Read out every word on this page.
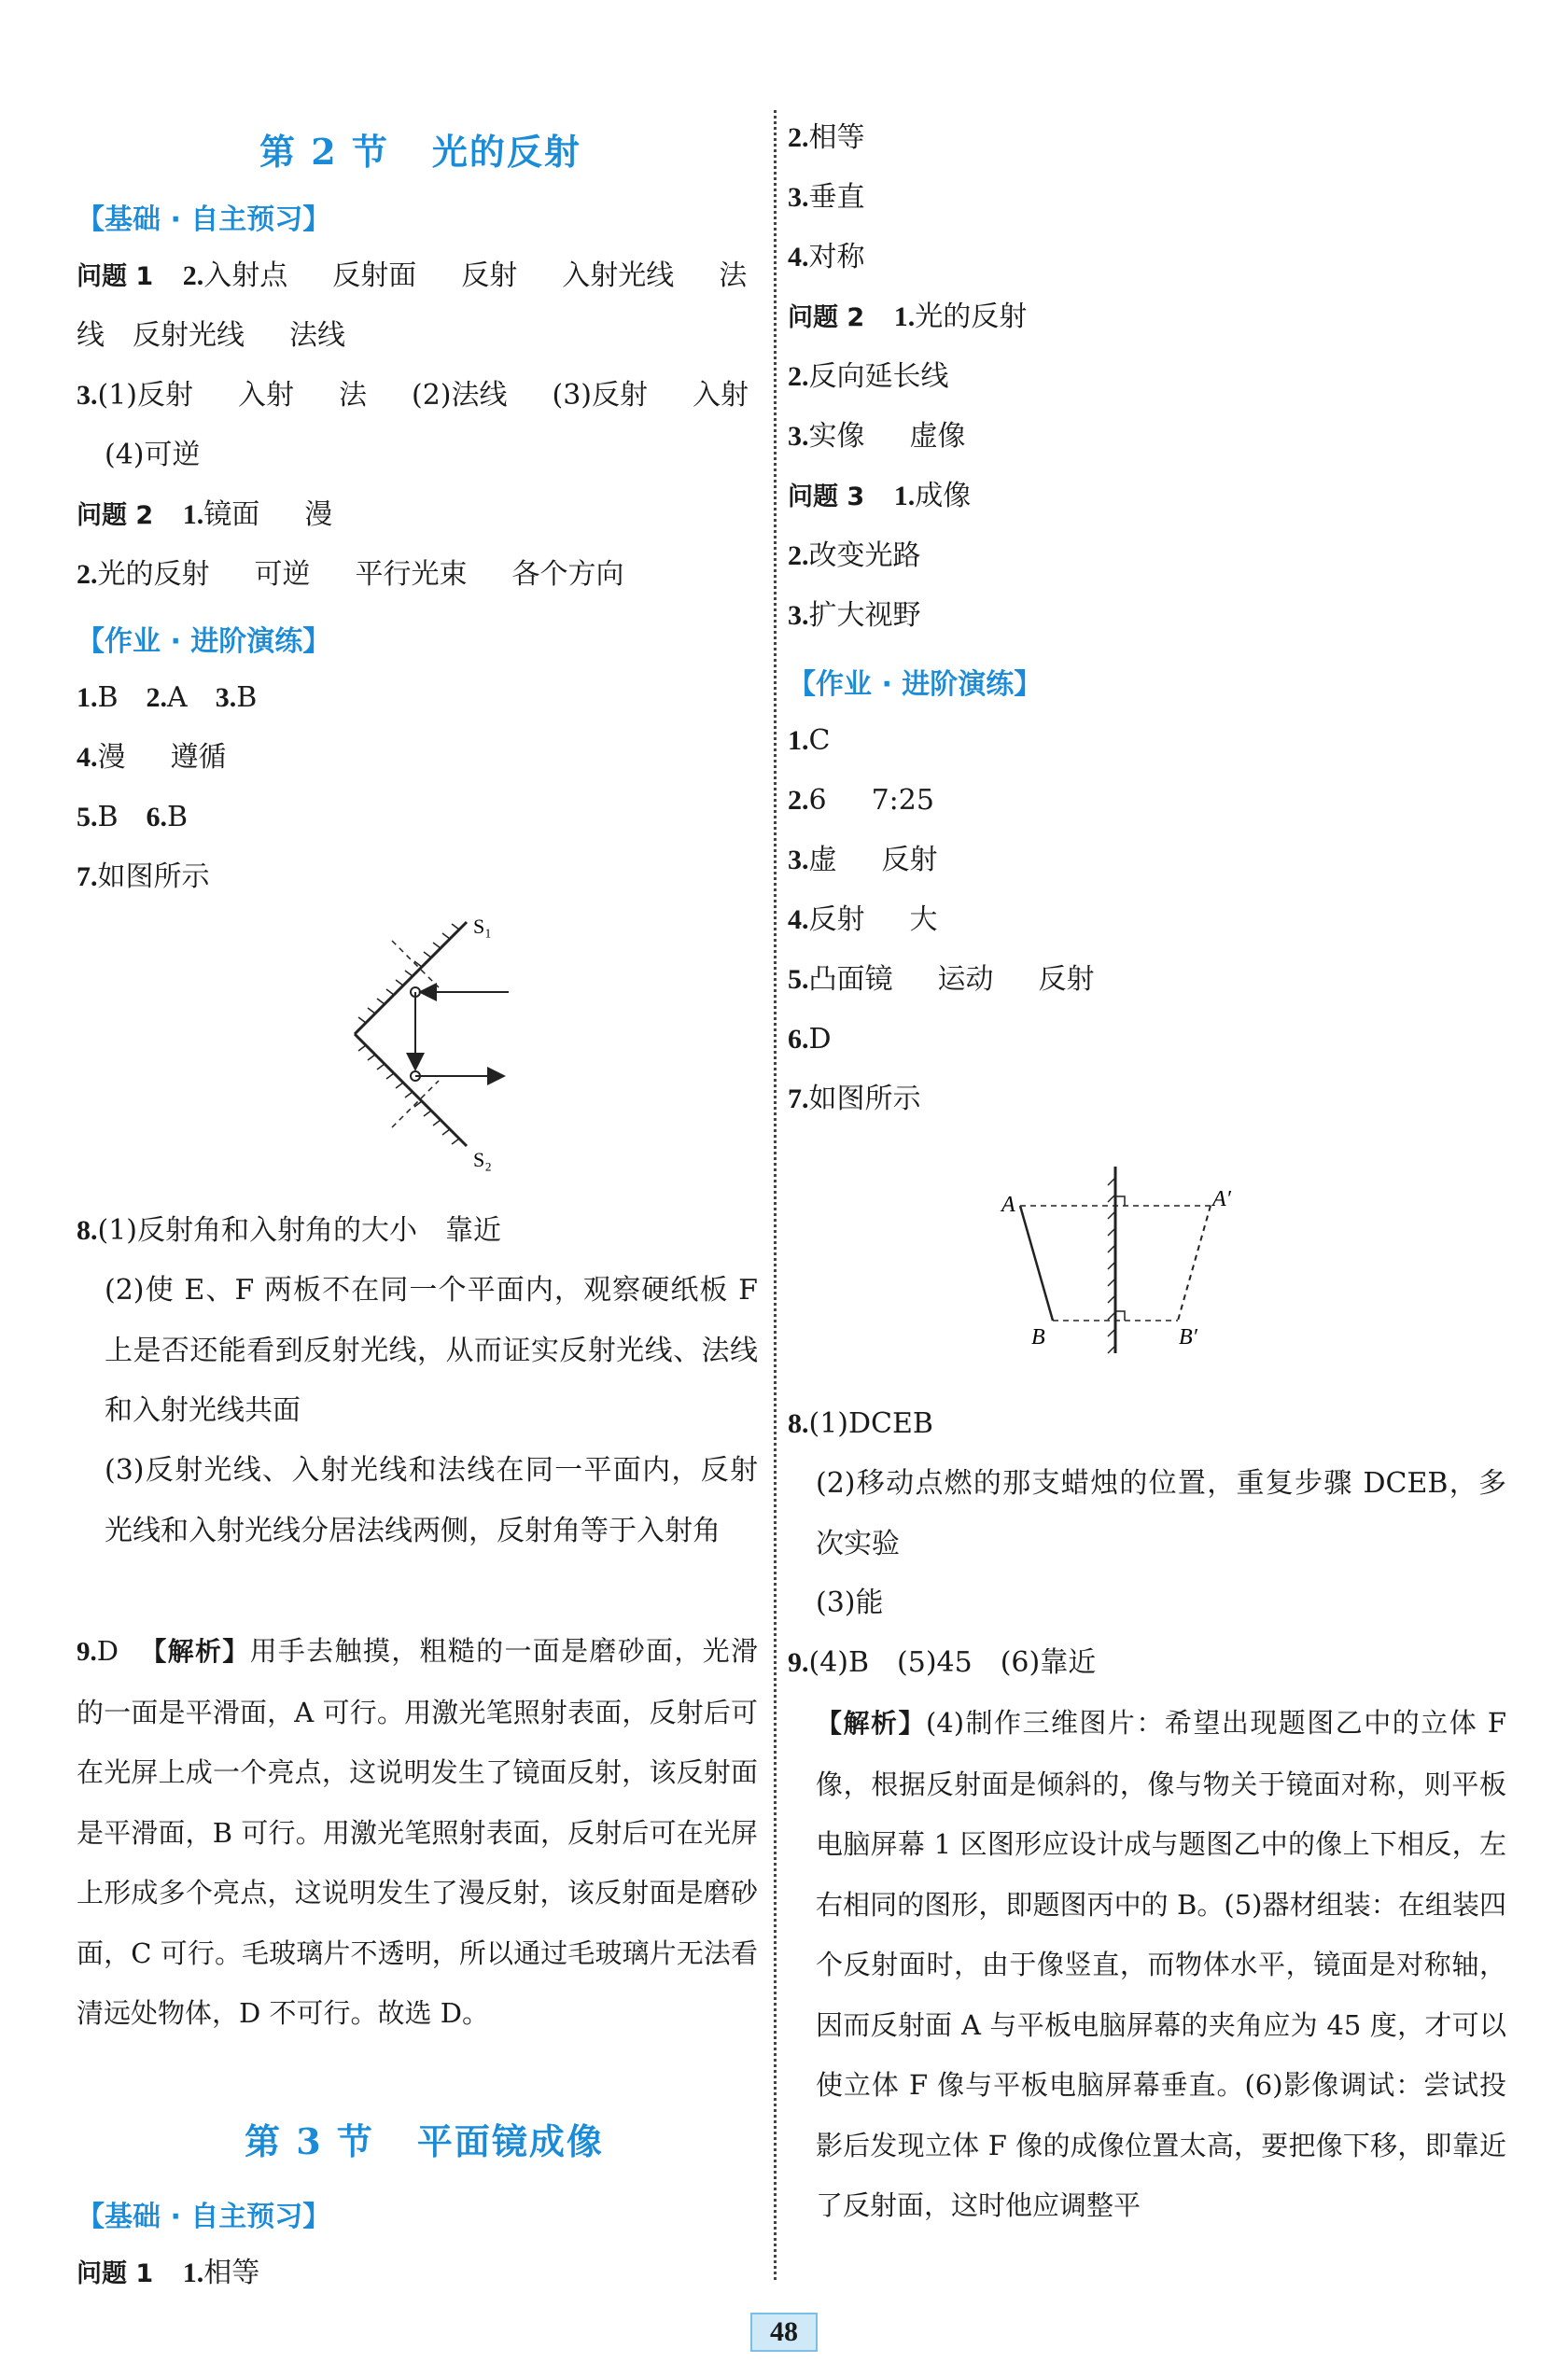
第 2 节 光的反射
【基础 · 自主预习】
问题 1 2.入射点 反射面 反射 入射光线 法
线 反射光线 法线
3.(1)反射 入射 法 (2)法线 (3)反射 入射
(4)可逆
问题 2 1.镜面 漫
2.光的反射 可逆 平行光束 各个方向
【作业 · 进阶演练】
1.B 2.A 3.B
4.漫 遵循
5.B 6.B
7.如图所示
S₁
S₂
8.(1)反射角和入射角的大小　靠近
(2)使 E、F 两板不在同一个平面内，观察硬纸板 F 上是否还能看到反射光线，从而证实反射光线、法线和入射光线共面
(3)反射光线、入射光线和法线在同一平面内，反射光线和入射光线分居法线两侧，反射角等于入射角
9.D 【解析】用手去触摸，粗糙的一面是磨砂面，光滑的一面是平滑面，A 可行。用激光笔照射表面，反射后可在光屏上成一个亮点，这说明发生了镜面反射，该反射面是平滑面，B 可行。用激光笔照射表面，反射后可在光屏上形成多个亮点，这说明发生了漫反射，该反射面是磨砂面，C 可行。毛玻璃片不透明，所以通过毛玻璃片无法看清远处物体，D 不可行。故选 D。
第 3 节 平面镜成像
【基础 · 自主预习】
问题 1 1.相等
2.相等
3.垂直
4.对称
问题 2 1.光的反射
2.反向延长线
3.实像 虚像
问题 3 1.成像
2.改变光路
3.扩大视野
【作业 · 进阶演练】
1.C
2.6 7:25
3.虚 反射
4.反射 大
5.凸面镜 运动 反射
6.D
7.如图所示
A	A′
B	B′
8.(1)DCEB
(2)移动点燃的那支蜡烛的位置，重复步骤 DCEB，多次实验
(3)能
9.(4)B　(5)45　(6)靠近
【解析】(4)制作三维图片：希望出现题图乙中的立体 F 像，根据反射面是倾斜的，像与物关于镜面对称，则平板电脑屏幕 1 区图形应设计成与题图乙中的像上下相反，左右相同的图形，即题图丙中的 B。(5)器材组装：在组装四个反射面时，由于像竖直，而物体水平，镜面是对称轴，因而反射面 A 与平板电脑屏幕的夹角应为 45 度，才可以使立体 F 像与平板电脑屏幕垂直。(6)影像调试：尝试投影后发现立体 F 像的成像位置太高，要把像下移，即靠近了反射面，这时他应调整平
48
